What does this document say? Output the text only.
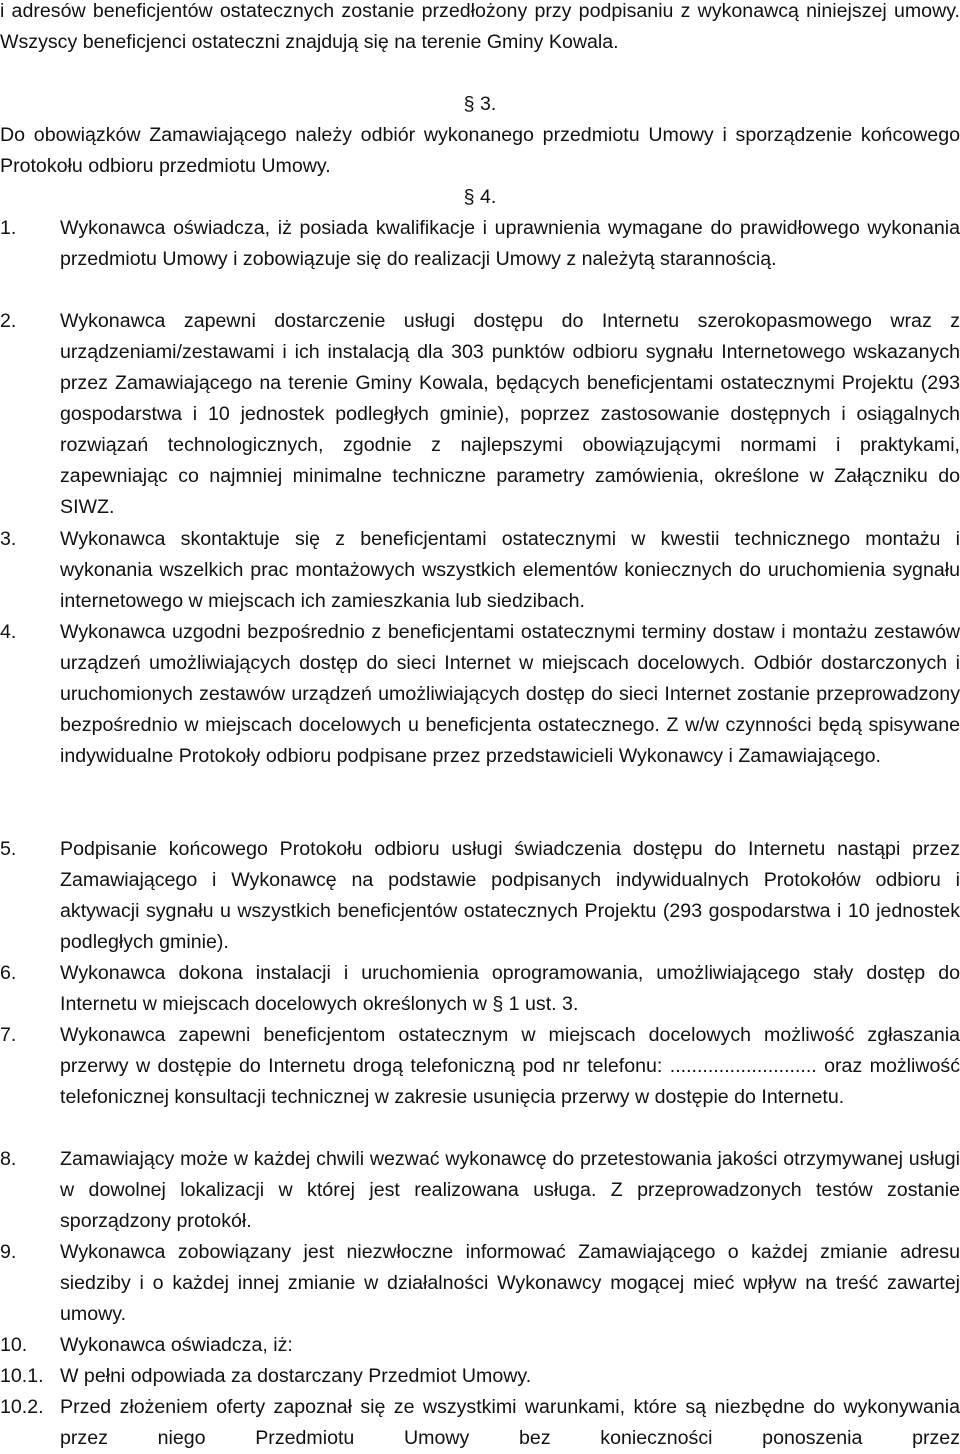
i adresów beneficjentów ostatecznych zostanie przedłożony przy podpisaniu z wykonawcą niniejszej umowy. Wszyscy beneficjenci ostateczni znajdują się na terenie Gminy Kowala.

§ 3.

Do obowiązków Zamawiającego należy odbiór wykonanego przedmiotu Umowy i sporządzenie końcowego Protokołu odbioru przedmiotu Umowy.

§ 4.
1. Wykonawca oświadcza, iż posiada kwalifikacje i uprawnienia wymagane do prawidłowego wykonania przedmiotu Umowy i zobowiązuje się do realizacji Umowy z należytą starannością.
2. Wykonawca zapewni dostarczenie usługi dostępu do Internetu szerokopasmowego wraz z urządzeniami/zestawami i ich instalacją dla 303 punktów odbioru sygnału Internetowego wskazanych przez Zamawiającego na terenie Gminy Kowala, będących beneficjentami ostatecznymi Projektu (293 gospodarstwa i 10 jednostek podległych gminie), poprzez zastosowanie dostępnych i osiągalnych rozwiązań technologicznych, zgodnie z najlepszymi obowiązującymi normami i praktykami, zapewniając co najmniej minimalne techniczne parametry zamówienia, określone w Załączniku do SIWZ.
3. Wykonawca skontaktuje się z beneficjentami ostatecznymi w kwestii technicznego montażu i wykonania wszelkich prac montażowych wszystkich elementów koniecznych do uruchomienia sygnału internetowego w miejscach ich zamieszkania lub siedzibach.
4. Wykonawca uzgodni bezpośrednio z beneficjentami ostatecznymi terminy dostaw i montażu zestawów urządzeń umożliwiających dostęp do sieci Internet w miejscach docelowych. Odbiór dostarczonych i uruchomionych zestawów urządzeń umożliwiających dostęp do sieci Internet zostanie przeprowadzony bezpośrednio w miejscach docelowych u beneficjenta ostatecznego. Z w/w czynności będą spisywane indywidualne Protokoły odbioru podpisane przez przedstawicieli Wykonawcy i Zamawiającego.
5. Podpisanie końcowego Protokołu odbioru usługi świadczenia dostępu do Internetu nastąpi przez Zamawiającego i Wykonawcę na podstawie podpisanych indywidualnych Protokołów odbioru i aktywacji sygnału u wszystkich beneficjentów ostatecznych Projektu (293 gospodarstwa i 10 jednostek podległych gminie).
6. Wykonawca dokona instalacji i uruchomienia oprogramowania, umożliwiającego stały dostęp do Internetu w miejscach docelowych określonych w § 1 ust. 3.
7. Wykonawca zapewni beneficjentom ostatecznym w miejscach docelowych możliwość zgłaszania przerwy w dostępie do Internetu drogą telefoniczną pod nr telefonu: ........................... oraz możliwość telefonicznej konsultacji technicznej w zakresie usunięcia przerwy w dostępie do Internetu.
8. Zamawiający może w każdej chwili wezwać wykonawcę do przetestowania jakości otrzymywanej usługi w dowolnej lokalizacji w której jest realizowana usługa. Z przeprowadzonych testów zostanie sporządzony protokół.
9. Wykonawca zobowiązany jest niezwłoczne informować Zamawiającego o każdej zmianie adresu siedziby i o każdej innej zmianie w działalności Wykonawcy mogącej mieć wpływ na treść zawartej umowy.
10. Wykonawca oświadcza, iż:
10.1. W pełni odpowiada za dostarczany Przedmiot Umowy.
10.2. Przed złożeniem oferty zapoznał się ze wszystkimi warunkami, które są niezbędne do wykonywania przez niego Przedmiotu Umowy bez konieczności ponoszenia przez
